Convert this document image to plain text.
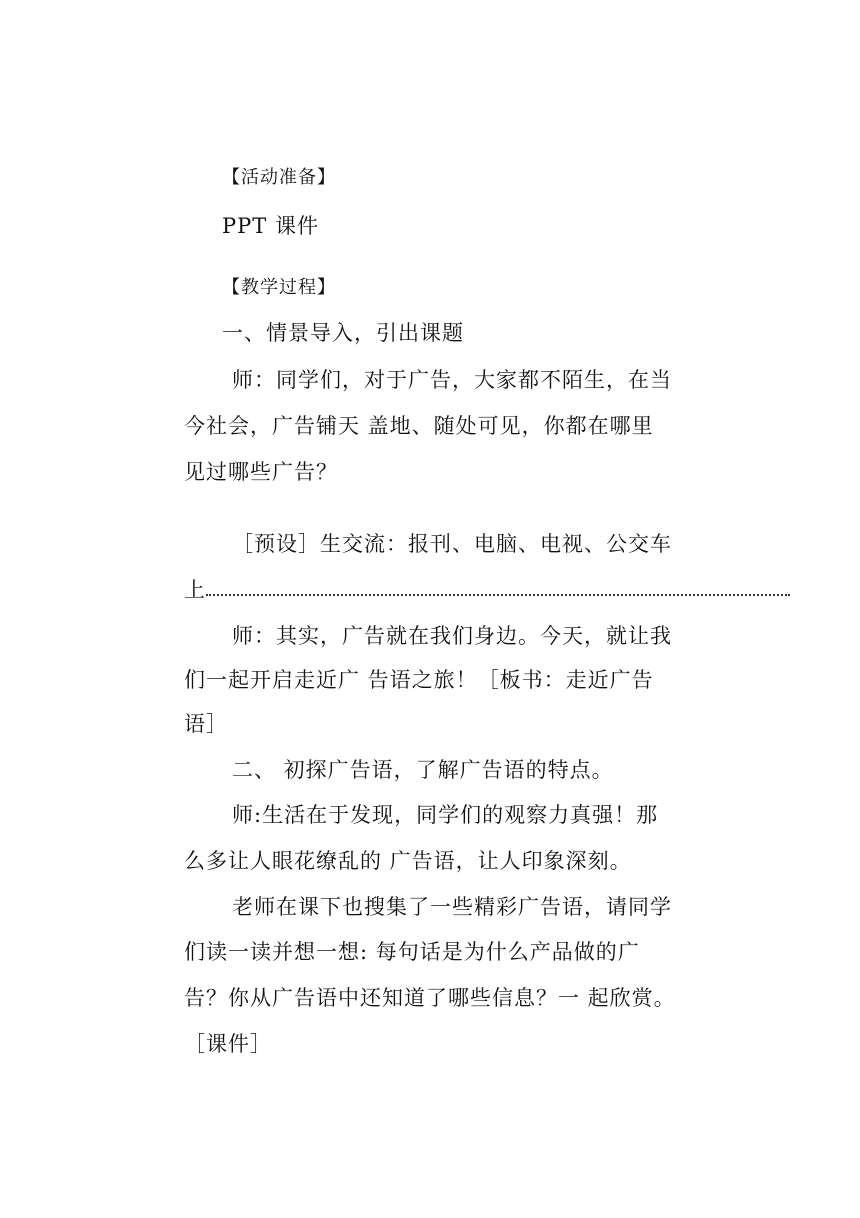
【活动准备】
PPT 课件
【教学过程】
一、情景导入，引出课题
师：同学们，对于广告，大家都不陌生，在当
今社会，广告铺天 盖地、随处可见，你都在哪里
见过哪些广告？
［预设］生交流：报刊、电脑、电视、公交车
上
师：其实，广告就在我们身边。今天，就让我
们一起开启走近广 告语之旅！［板书：走近广告
语］
二、 初探广告语，了解广告语的特点。
师:生活在于发现，同学们的观察力真强！那
么多让人眼花缭乱的 广告语，让人印象深刻。
老师在课下也搜集了一些精彩广告语，请同学
们读一读并想一想: 每句话是为什么产品做的广
告？你从广告语中还知道了哪些信息？一 起欣赏。
［课件］
